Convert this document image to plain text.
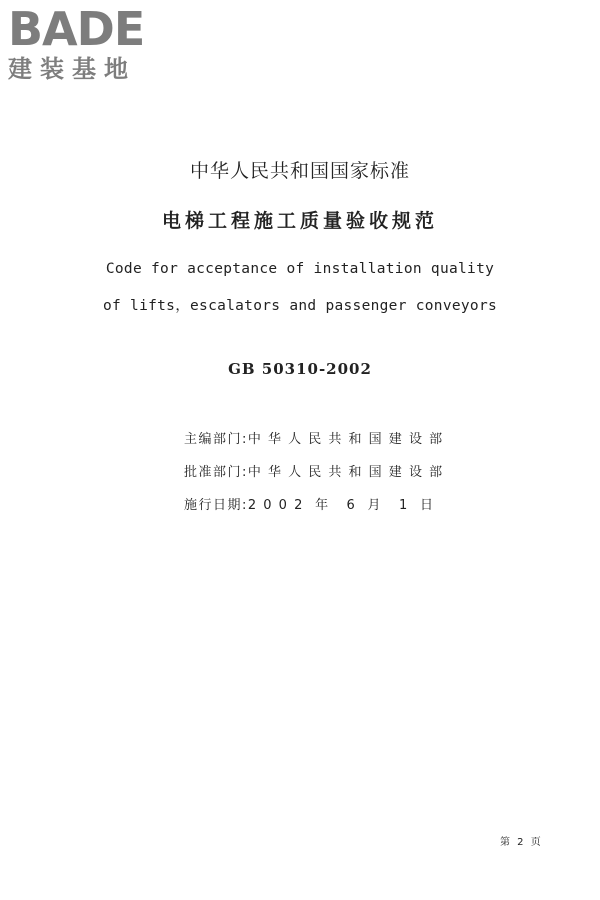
BADE
建装基地
中华人民共和国国家标准
电梯工程施工质量验收规范
Code for acceptance of installation quality
of lifts，escalators and passenger conveyors
GB 50310-2002
主编部门:中 华 人 民 共 和 国 建 设 部
批准部门:中 华 人 民 共 和 国 建 设 部
施行日期:2 0 0 2  年   6  月   1  日
第 2 页
